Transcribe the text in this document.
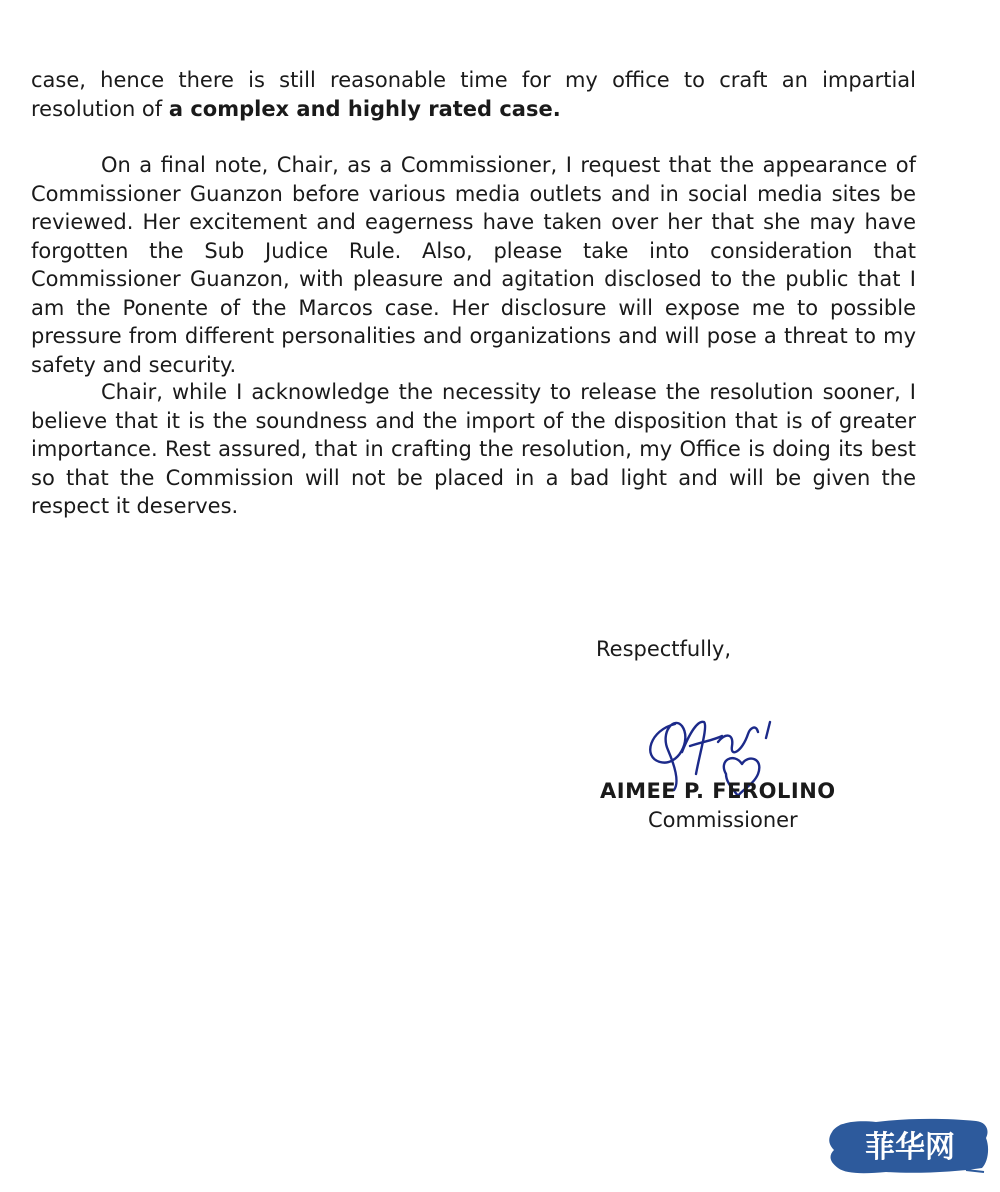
case, hence there is still reasonable time for my office to craft an impartial resolution of a complex and highly rated case.

On a final note, Chair, as a Commissioner, I request that the appearance of Commissioner Guanzon before various media outlets and in social media sites be reviewed. Her excitement and eagerness have taken over her that she may have forgotten the Sub Judice Rule. Also, please take into consideration that Commissioner Guanzon, with pleasure and agitation disclosed to the public that I am the Ponente of the Marcos case. Her disclosure will expose me to possible pressure from different personalities and organizations and will pose a threat to my safety and security.

Chair, while I acknowledge the necessity to release the resolution sooner, I believe that it is the soundness and the import of the disposition that is of greater importance. Rest assured, that in crafting the resolution, my Office is doing its best so that the Commission will not be placed in a bad light and will be given the respect it deserves.

Respectfully,
AIMEE P. FEROLINO
Commissioner
菲华网
